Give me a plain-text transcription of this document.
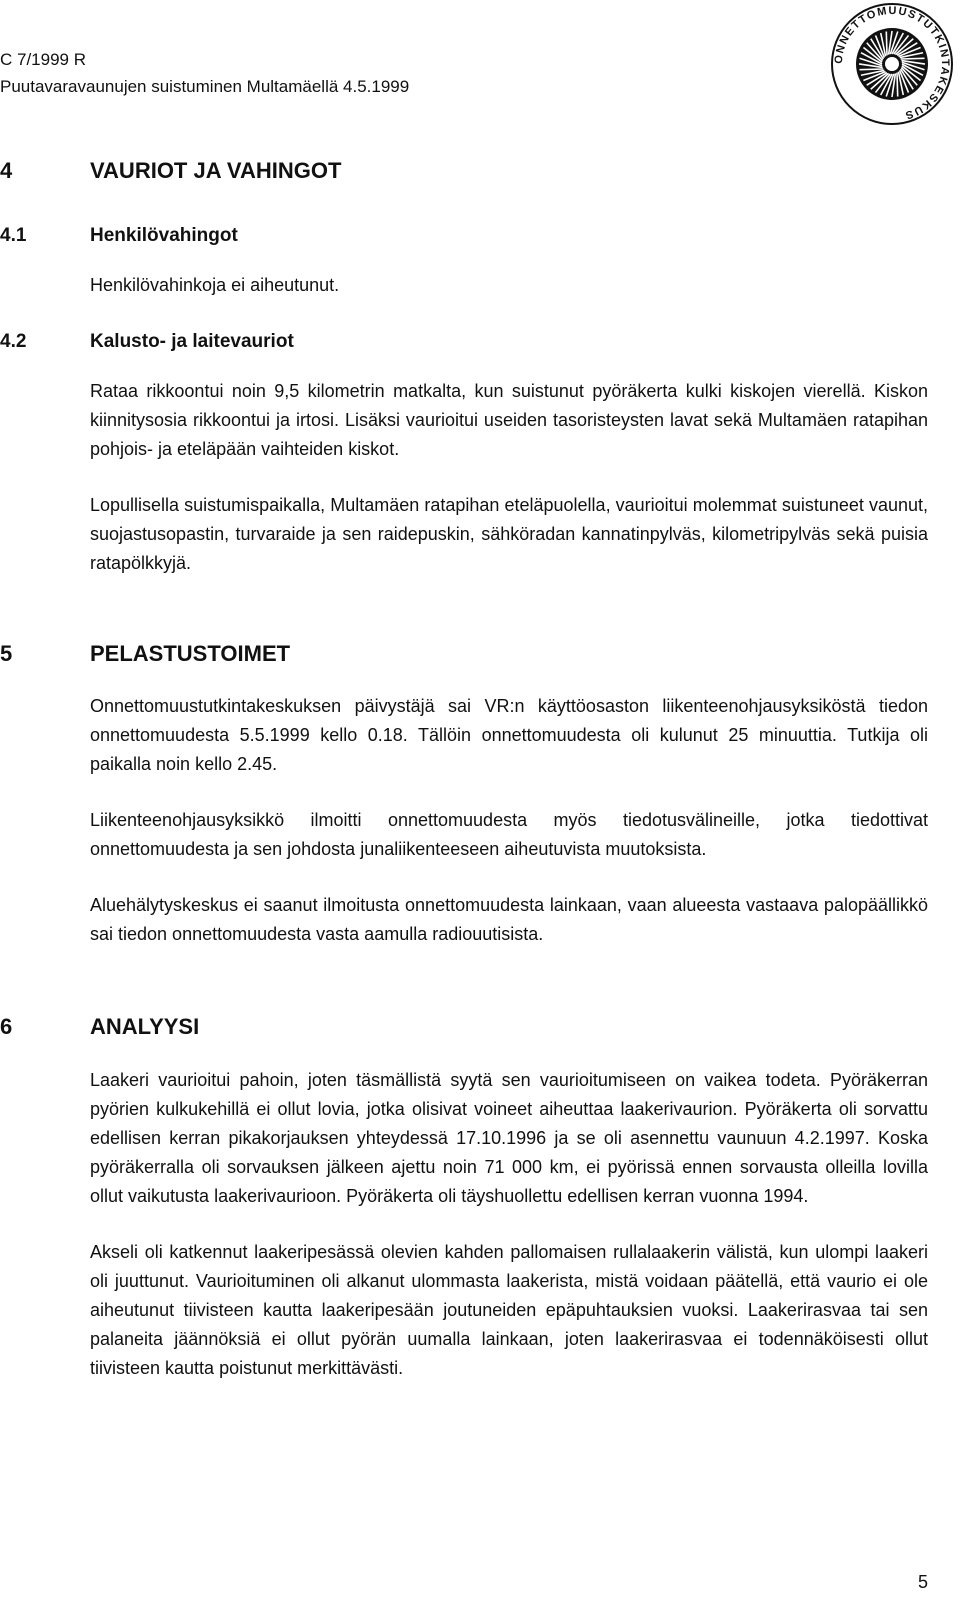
C 7/1999 R
Puutavaravaunujen suistuminen Multamäellä 4.5.1999
ONNETTOMUUSTUTKINTAKESKUS
4	VAURIOT JA VAHINGOT
4.1	Henkilövahingot

Henkilövahinkoja ei aiheutunut.

4.2	Kalusto- ja laitevauriot

Rataa rikkoontui noin 9,5 kilometrin matkalta, kun suistunut pyöräkerta kulki kiskojen vierellä. Kiskon kiinnitysosia rikkoontui ja irtosi. Lisäksi vaurioitui useiden tasoristeysten lavat sekä Multamäen ratapihan pohjois- ja eteläpään vaihteiden kiskot.

Lopullisella suistumispaikalla, Multamäen ratapihan eteläpuolella, vaurioitui molemmat suistuneet vaunut, suojastusopastin, turvaraide ja sen raidepuskin, sähköradan kannatinpylväs, kilometripylväs sekä puisia ratapölkkyjä.

5	PELASTUSTOIMET

Onnettomuustutkintakeskuksen päivystäjä sai VR:n käyttöosaston liikenteenohjausyksiköstä tiedon onnettomuudesta 5.5.1999 kello 0.18. Tällöin onnettomuudesta oli kulunut 25 minuuttia. Tutkija oli paikalla noin kello 2.45.

Liikenteenohjausyksikkö ilmoitti onnettomuudesta myös tiedotusvälineille, jotka tiedottivat onnettomuudesta ja sen johdosta junaliikenteeseen aiheutuvista muutoksista.

Aluehälytyskeskus ei saanut ilmoitusta onnettomuudesta lainkaan, vaan alueesta vastaava palopäällikkö sai tiedon onnettomuudesta vasta aamulla radiouutisista.

6	ANALYYSI

Laakeri vaurioitui pahoin, joten täsmällistä syytä sen vaurioitumiseen on vaikea todeta. Pyöräkerran pyörien kulkukehillä ei ollut lovia, jotka olisivat voineet aiheuttaa laakerivaurion. Pyöräkerta oli sorvattu edellisen kerran pikakorjauksen yhteydessä 17.10.1996 ja se oli asennettu vaunuun 4.2.1997. Koska pyöräkerralla oli sorvauksen jälkeen ajettu noin 71 000 km, ei pyörissä ennen sorvausta olleilla lovilla ollut vaikutusta laakerivaurioon. Pyöräkerta oli täyshuollettu edellisen kerran vuonna 1994.

Akseli oli katkennut laakeripesässä olevien kahden pallomaisen rullalaakerin välistä, kun ulompi laakeri oli juuttunut. Vaurioituminen oli alkanut ulommasta laakerista, mistä voidaan päätellä, että vaurio ei ole aiheutunut tiivisteen kautta laakeripesään joutuneiden epäpuhtauksien vuoksi. Laakerirasvaa tai sen palaneita jäännöksiä ei ollut pyörän uumalla lainkaan, joten laakerirasvaa ei todennäköisesti ollut tiivisteen kautta poistunut merkittävästi.

5
